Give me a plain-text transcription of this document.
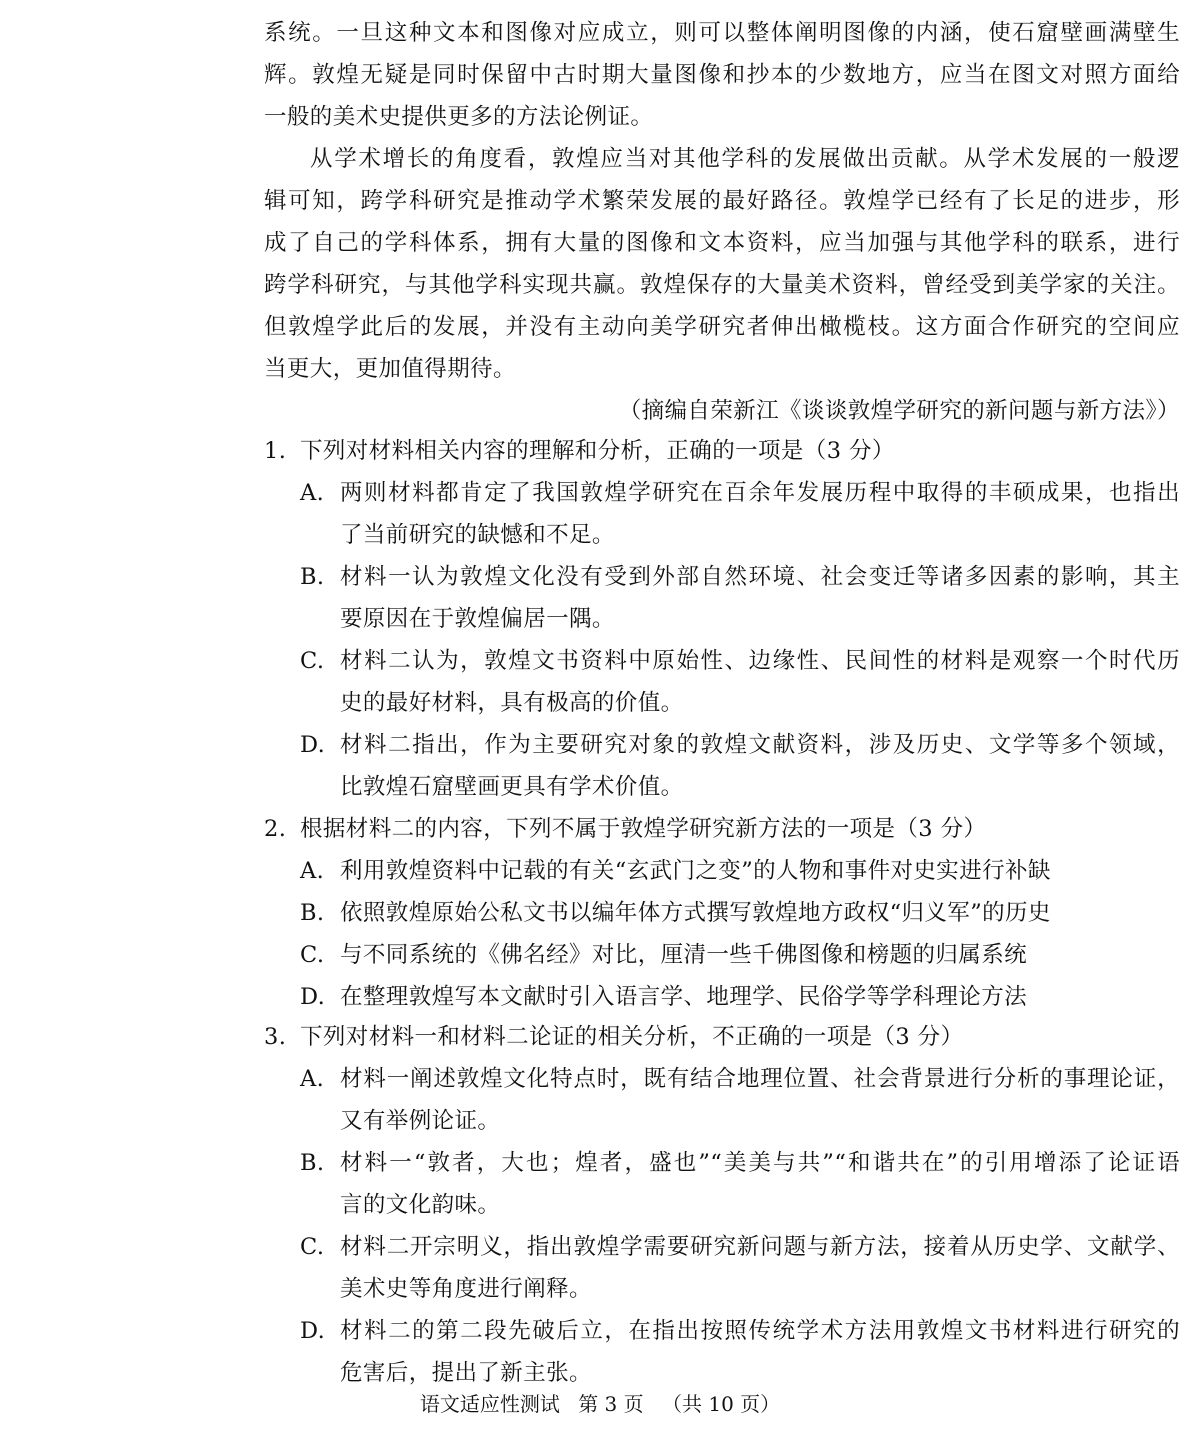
系统。一旦这种文本和图像对应成立，则可以整体阐明图像的内涵，使石窟壁画满壁生
辉。敦煌无疑是同时保留中古时期大量图像和抄本的少数地方，应当在图文对照方面给
一般的美术史提供更多的方法论例证。
从学术增长的角度看，敦煌应当对其他学科的发展做出贡献。从学术发展的一般逻
辑可知，跨学科研究是推动学术繁荣发展的最好路径。敦煌学已经有了长足的进步，形
成了自己的学科体系，拥有大量的图像和文本资料，应当加强与其他学科的联系，进行
跨学科研究，与其他学科实现共赢。敦煌保存的大量美术资料，曾经受到美学家的关注。
但敦煌学此后的发展，并没有主动向美学研究者伸出橄榄枝。这方面合作研究的空间应
当更大，更加值得期待。
（摘编自荣新江《谈谈敦煌学研究的新问题与新方法》）
1. 下列对材料相关内容的理解和分析，正确的一项是（3 分）
A. 两则材料都肯定了我国敦煌学研究在百余年发展历程中取得的丰硕成果，也指出
了当前研究的缺憾和不足。
B. 材料一认为敦煌文化没有受到外部自然环境、社会变迁等诸多因素的影响，其主
要原因在于敦煌偏居一隅。
C. 材料二认为，敦煌文书资料中原始性、边缘性、民间性的材料是观察一个时代历
史的最好材料，具有极高的价值。
D. 材料二指出，作为主要研究对象的敦煌文献资料，涉及历史、文学等多个领域，
比敦煌石窟壁画更具有学术价值。
2. 根据材料二的内容，下列不属于敦煌学研究新方法的一项是（3 分）
A. 利用敦煌资料中记载的有关“玄武门之变”的人物和事件对史实进行补缺
B. 依照敦煌原始公私文书以编年体方式撰写敦煌地方政权“归义军”的历史
C. 与不同系统的《佛名经》对比，厘清一些千佛图像和榜题的归属系统
D. 在整理敦煌写本文献时引入语言学、地理学、民俗学等学科理论方法
3. 下列对材料一和材料二论证的相关分析，不正确的一项是（3 分）
A. 材料一阐述敦煌文化特点时，既有结合地理位置、社会背景进行分析的事理论证，
又有举例论证。
B. 材料一“敦者，大也；煌者，盛也”“美美与共”“和谐共在”的引用增添了论证语
言的文化韵味。
C. 材料二开宗明义，指出敦煌学需要研究新问题与新方法，接着从历史学、文献学、
美术史等角度进行阐释。
D. 材料二的第二段先破后立，在指出按照传统学术方法用敦煌文书材料进行研究的
危害后，提出了新主张。
语文适应性测试 第 3 页 （共 10 页）
